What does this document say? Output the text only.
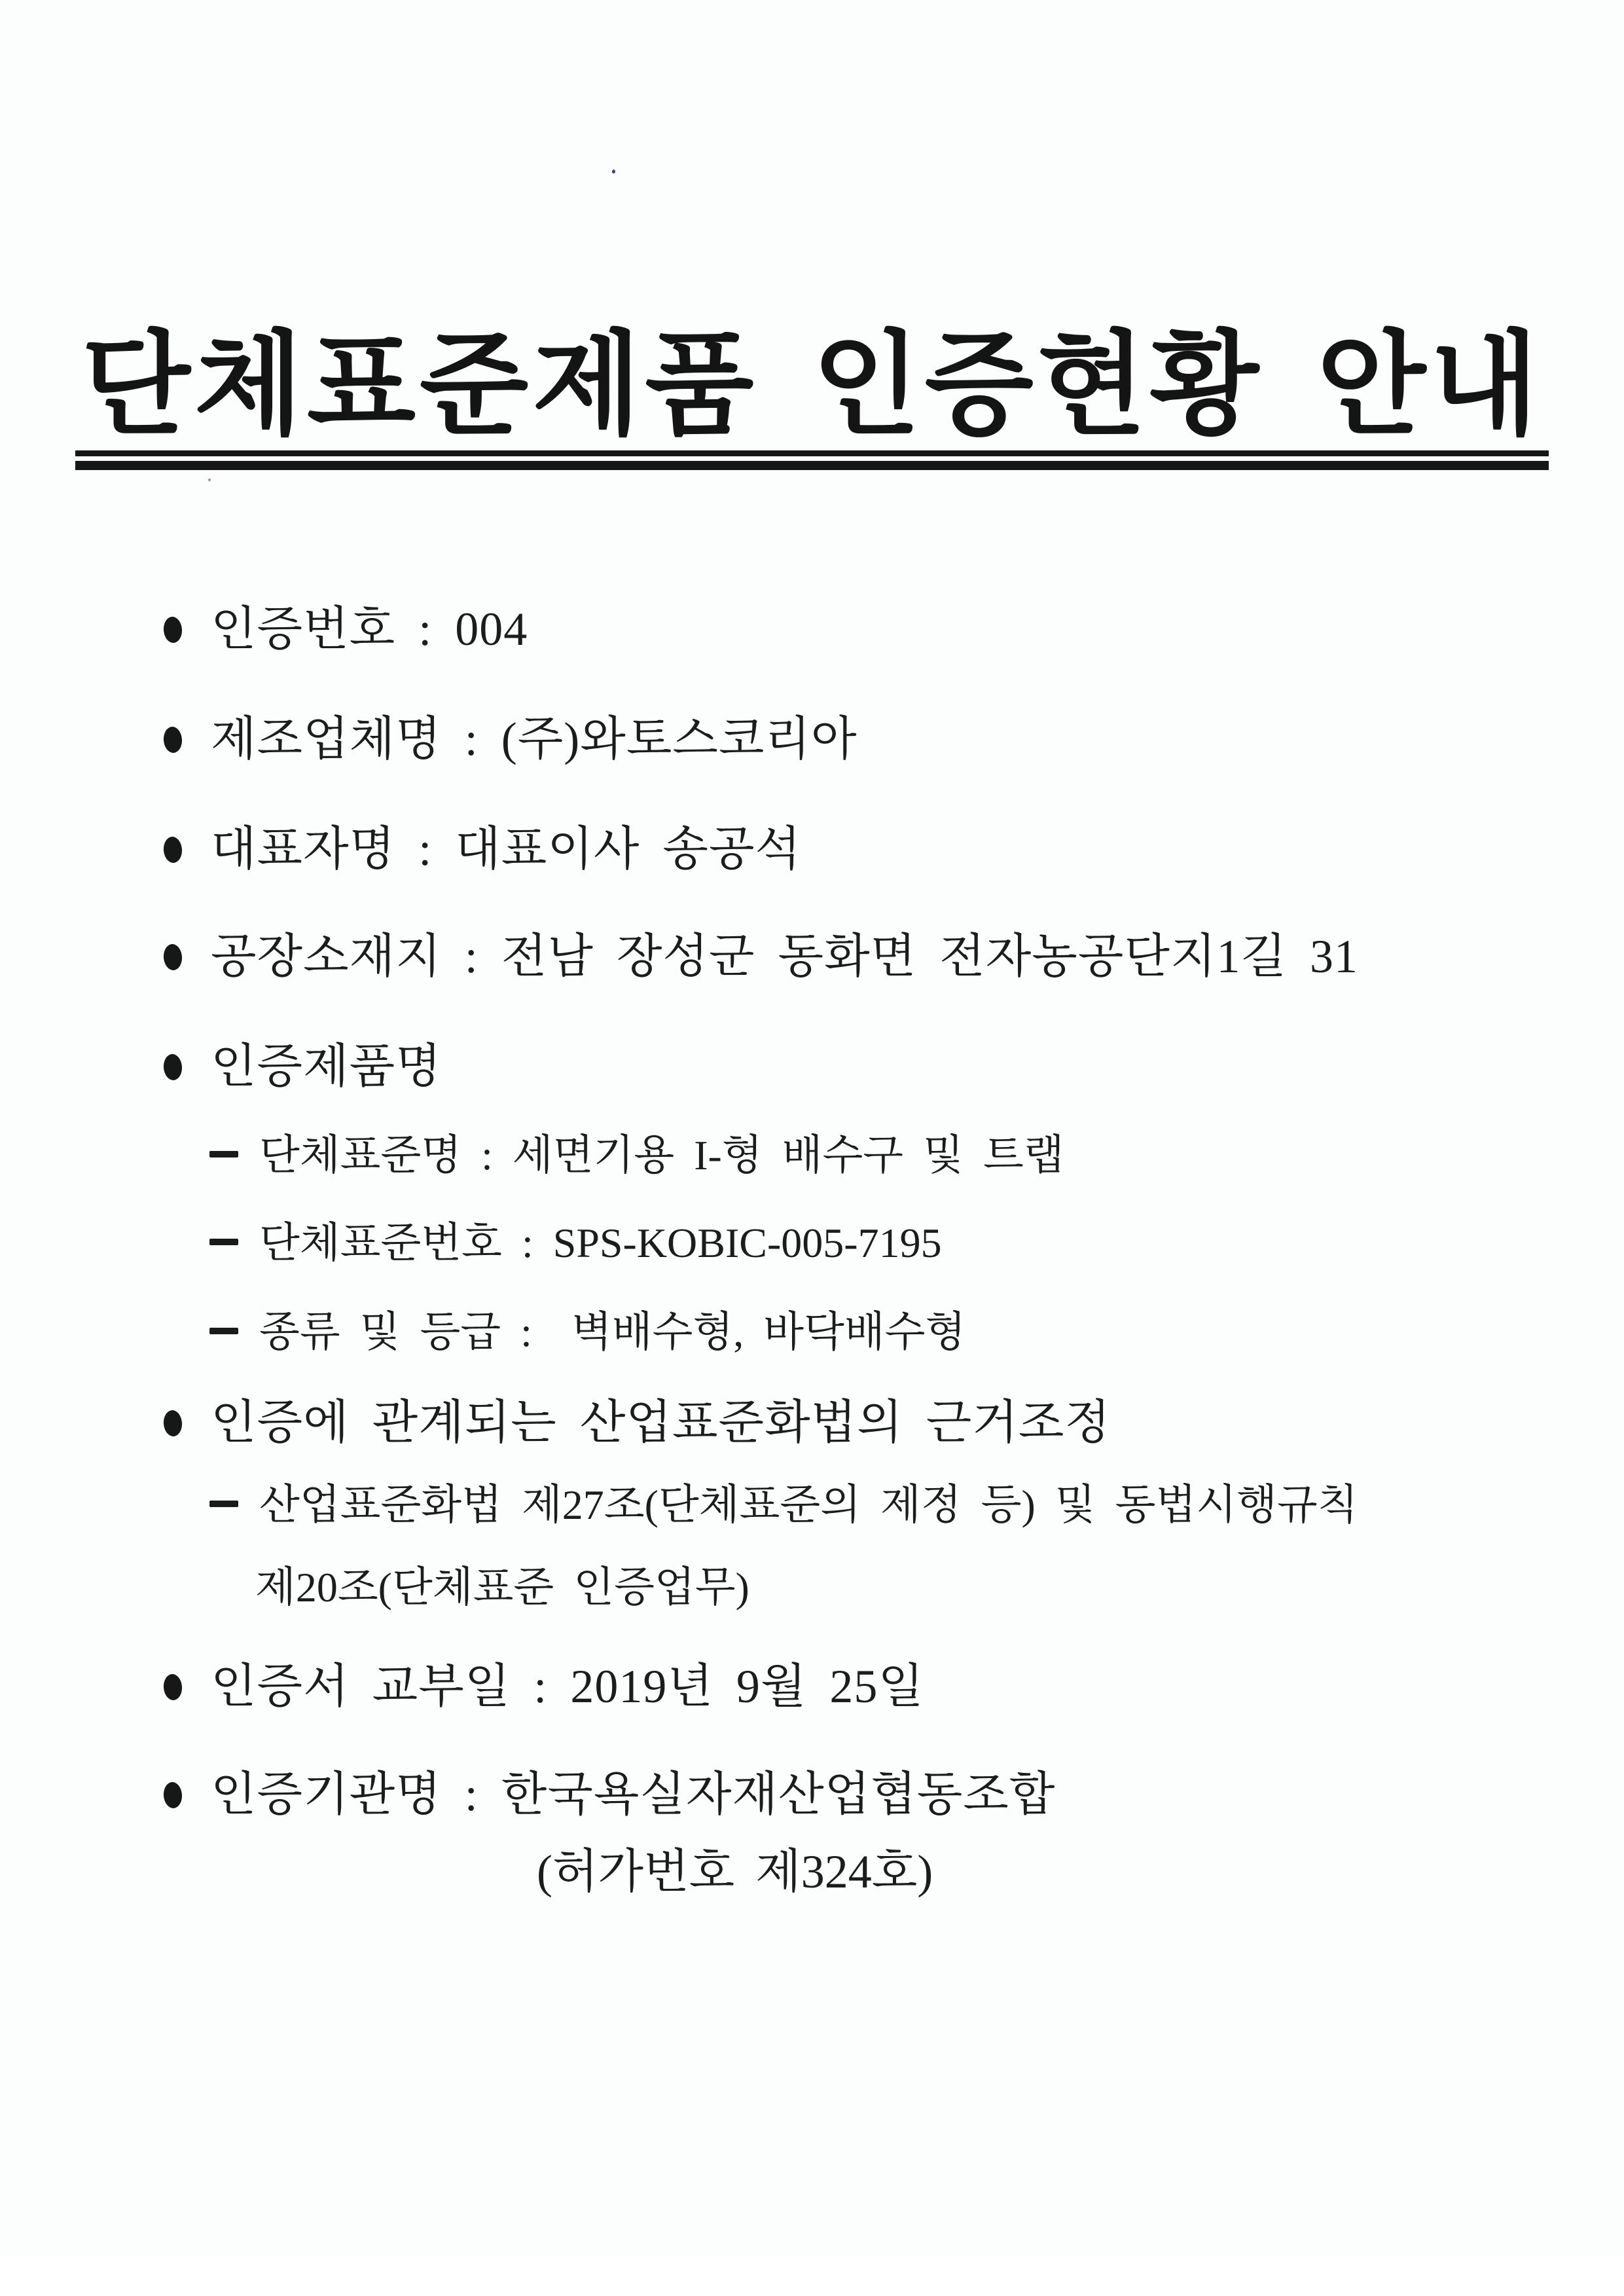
단체표준제품 인증현황 안내
인증번호 : 004
제조업체명 : (주)와토스코리아
대표자명 : 대표이사 송공석
공장소재지 : 전남 장성군 동화면 전자농공단지1길 31
인증제품명
단체표준명 : 세면기용 I-형 배수구 및 트랩
단체표준번호 : SPS-KOBIC-005-7195
종류 및 등급 :  벽배수형, 바닥배수형
인증에 관계되는 산업표준화법의 근거조정
산업표준화법 제27조(단체표준의 제정 등) 및 동법시행규칙
제20조(단체표준 인증업무)
인증서 교부일 : 2019년 9월 25일
인증기관명 : 한국욕실자재산업협동조합
(허가번호 제324호)
